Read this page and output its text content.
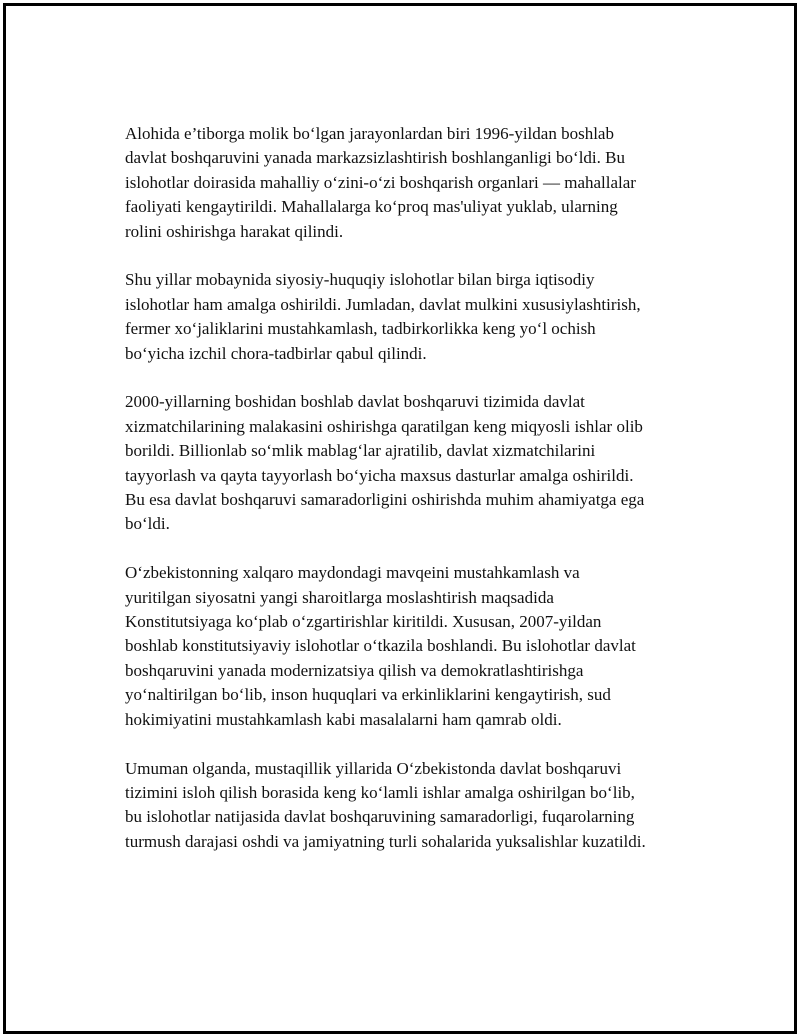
Alohida e’tiborga molik bo‘lgan jarayonlardan biri 1996-yildan boshlab
davlat boshqaruvini yanada markazsizlashtirish boshlanganligi bo‘ldi. Bu
islohotlar doirasida mahalliy o‘zini-o‘zi boshqarish organlari — mahallalar
faoliyati kengaytirildi. Mahallalarga ko‘proq mas'uliyat yuklab, ularning
rolini oshirishga harakat qilindi.

Shu yillar mobaynida siyosiy-huquqiy islohotlar bilan birga iqtisodiy
islohotlar ham amalga oshirildi. Jumladan, davlat mulkini xususiylashtirish,
fermer xo‘jaliklarini mustahkamlash, tadbirkorlikka keng yo‘l ochish
bo‘yicha izchil chora-tadbirlar qabul qilindi.

2000-yillarning boshidan boshlab davlat boshqaruvi tizimida davlat
xizmatchilarining malakasini oshirishga qaratilgan keng miqyosli ishlar olib
borildi. Billionlab so‘mlik mablag‘lar ajratilib, davlat xizmatchilarini
tayyorlash va qayta tayyorlash bo‘yicha maxsus dasturlar amalga oshirildi.
Bu esa davlat boshqaruvi samaradorligini oshirishda muhim ahamiyatga ega
bo‘ldi.

O‘zbekistonning xalqaro maydondagi mavqeini mustahkamlash va
yuritilgan siyosatni yangi sharoitlarga moslashtirish maqsadida
Konstitutsiyaga ko‘plab o‘zgartirishlar kiritildi. Xususan, 2007-yildan
boshlab konstitutsiyaviy islohotlar o‘tkazila boshlandi. Bu islohotlar davlat
boshqaruvini yanada modernizatsiya qilish va demokratlashtirishga
yo‘naltirilgan bo‘lib, inson huquqlari va erkinliklarini kengaytirish, sud
hokimiyatini mustahkamlash kabi masalalarni ham qamrab oldi.

Umuman olganda, mustaqillik yillarida O‘zbekistonda davlat boshqaruvi
tizimini isloh qilish borasida keng ko‘lamli ishlar amalga oshirilgan bo‘lib,
bu islohotlar natijasida davlat boshqaruvining samaradorligi, fuqarolarning
turmush darajasi oshdi va jamiyatning turli sohalarida yuksalishlar kuzatildi.
